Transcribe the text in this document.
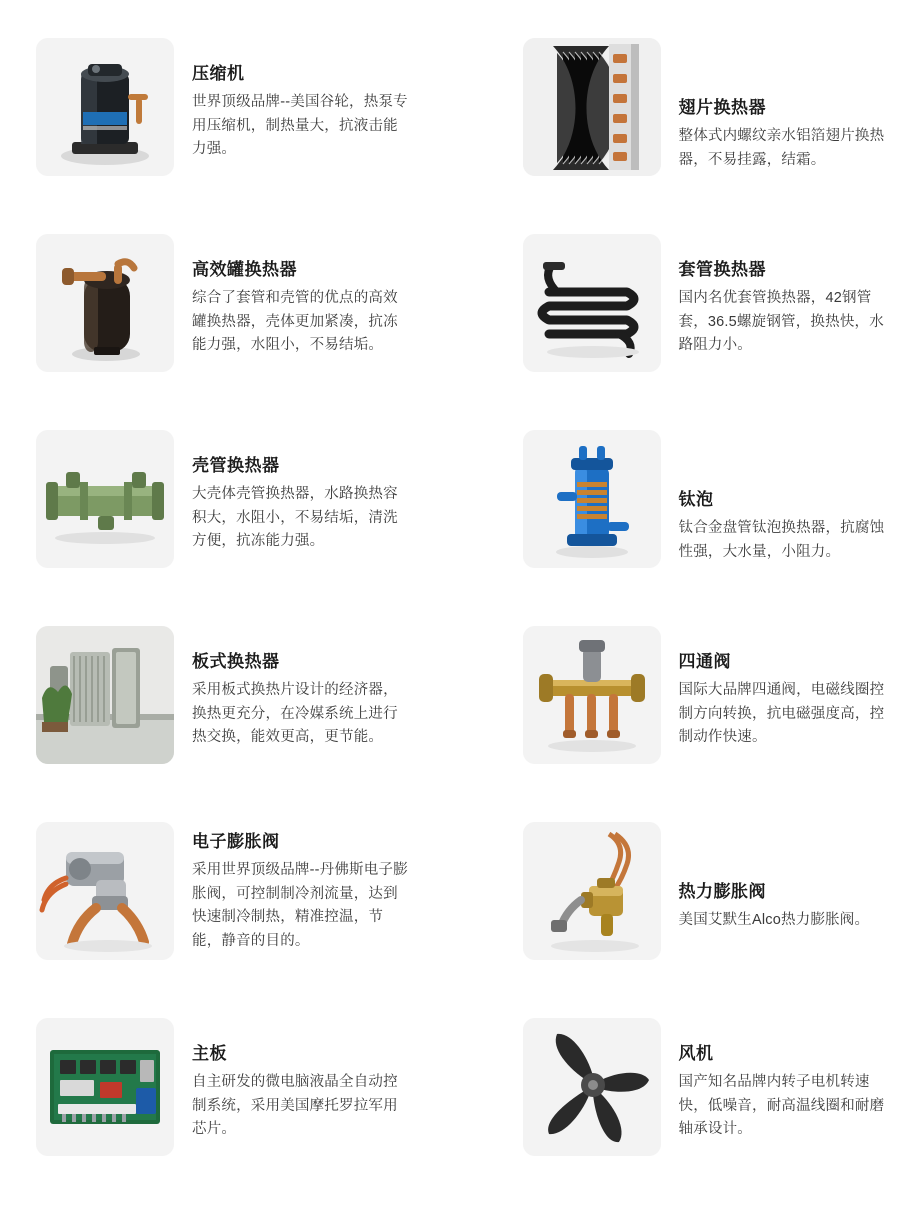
压缩机
世界顶级品牌--美国谷轮，热泵专用压缩机，制热量大，抗液击能力强。
翅片换热器
整体式内螺纹亲水铝箔翅片换热器，不易挂露，结霜。
高效罐换热器
综合了套管和壳管的优点的高效罐换热器，壳体更加紧凑，抗冻能力强，水阻小，不易结垢。
套管换热器
国内名优套管换热器，42钢管套，36.5螺旋钢管，换热快，水路阻力小。
壳管换热器
大壳体壳管换热器，水路换热容积大，水阻小，不易结垢，清洗方便，抗冻能力强。
钛泡
钛合金盘管钛泡换热器，抗腐蚀性强，大水量，小阻力。
板式换热器
采用板式换热片设计的经济器，换热更充分，在冷媒系统上进行热交换，能效更高，更节能。
四通阀
国际大品牌四通阀，电磁线圈控制方向转换，抗电磁强度高，控制动作快速。
电子膨胀阀
采用世界顶级品牌--丹佛斯电子膨胀阀，可控制制冷剂流量，达到快速制冷制热，精准控温，节能，静音的目的。
热力膨胀阀
美国艾默生Alco热力膨胀阀。
主板
自主研发的微电脑液晶全自动控制系统，采用美国摩托罗拉军用芯片。
风机
国产知名品牌内转子电机转速快，低噪音，耐高温线圈和耐磨轴承设计。
